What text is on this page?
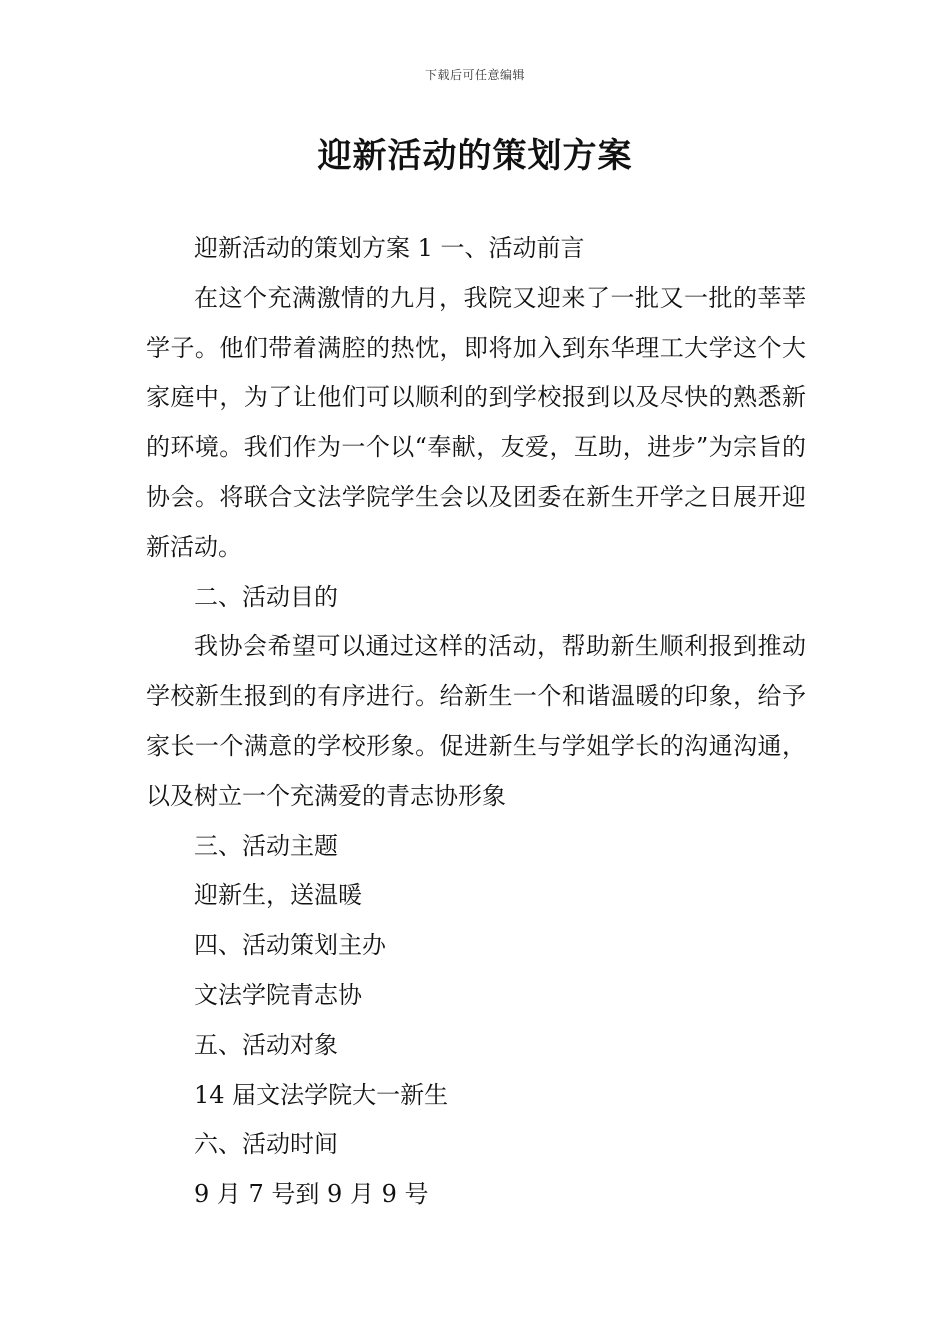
下载后可任意编辑
迎新活动的策划方案

迎新活动的策划方案 1 一、活动前言

在这个充满激情的九月，我院又迎来了一批又一批的莘莘学子。他们带着满腔的热忱，即将加入到东华理工大学这个大家庭中，为了让他们可以顺利的到学校报到以及尽快的熟悉新的环境。我们作为一个以“奉献，友爱，互助，进步”为宗旨的协会。将联合文法学院学生会以及团委在新生开学之日展开迎新活动。

二、活动目的

我协会希望可以通过这样的活动，帮助新生顺利报到推动学校新生报到的有序进行。给新生一个和谐温暖的印象，给予家长一个满意的学校形象。促进新生与学姐学长的沟通沟通，以及树立一个充满爱的青志协形象

三、活动主题

迎新生，送温暖

四、活动策划主办

文法学院青志协

五、活动对象

14 届文法学院大一新生

六、活动时间

9 月 7 号到 9 月 9 号
